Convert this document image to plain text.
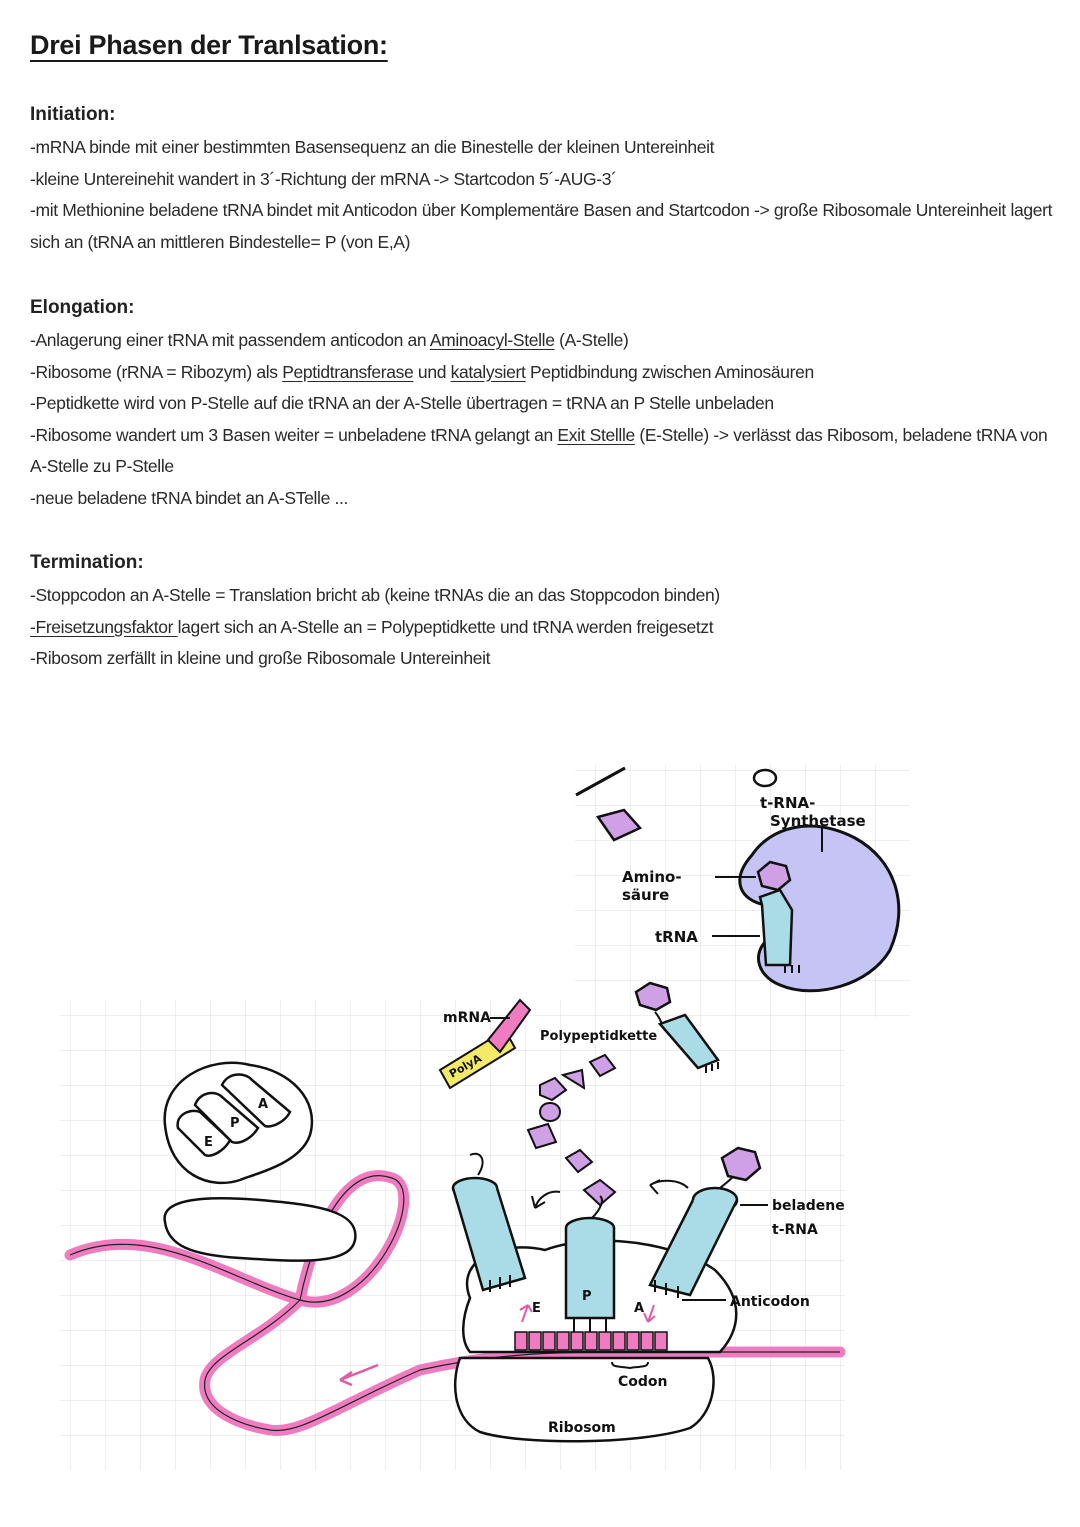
Drei Phasen der Tranlsation:
Initiation:
-mRNA binde mit einer bestimmten Basensequenz an die Binestelle der kleinen Untereinheit
-kleine Untereinehit wandert in 3´-Richtung der mRNA -> Startcodon 5´-AUG-3´
-mit Methionine beladene tRNA bindet mit Anticodon über Komplementäre Basen and Startcodon -> große Ribosomale Untereinheit lagert sich an (tRNA an mittleren Bindestelle= P (von E,A)
Elongation:
-Anlagerung einer tRNA mit passendem anticodon an Aminoacyl-Stelle (A-Stelle)
-Ribosome (rRNA = Ribozym) als Peptidtransferase und katalysiert Peptidbindung zwischen Aminosäuren
-Peptidkette wird von P-Stelle auf die tRNA an der A-Stelle übertragen = tRNA an P Stelle unbeladen
-Ribosome wandert um 3 Basen weiter = unbeladene tRNA gelangt an Exit Stellle (E-Stelle) -> verlässt das Ribosom, beladene tRNA von A-Stelle zu P-Stelle
-neue beladene tRNA bindet an A-STelle ...
Termination:
-Stoppcodon an A-Stelle = Translation bricht ab (keine tRNAs die an das Stoppcodon binden)
-Freisetzungsfaktor lagert sich an A-Stelle an = Polypeptidkette und tRNA werden freigesetzt
-Ribosom zerfällt in kleine und große Ribosomale Untereinheit
t-RNA-
Synthetase
Amino-
säure
tRNA
PolyA
mRNA
E
P
A
Polypeptidkette
E
P
A
Codon
Anticodon
beladene
t-RNA
Ribosom
